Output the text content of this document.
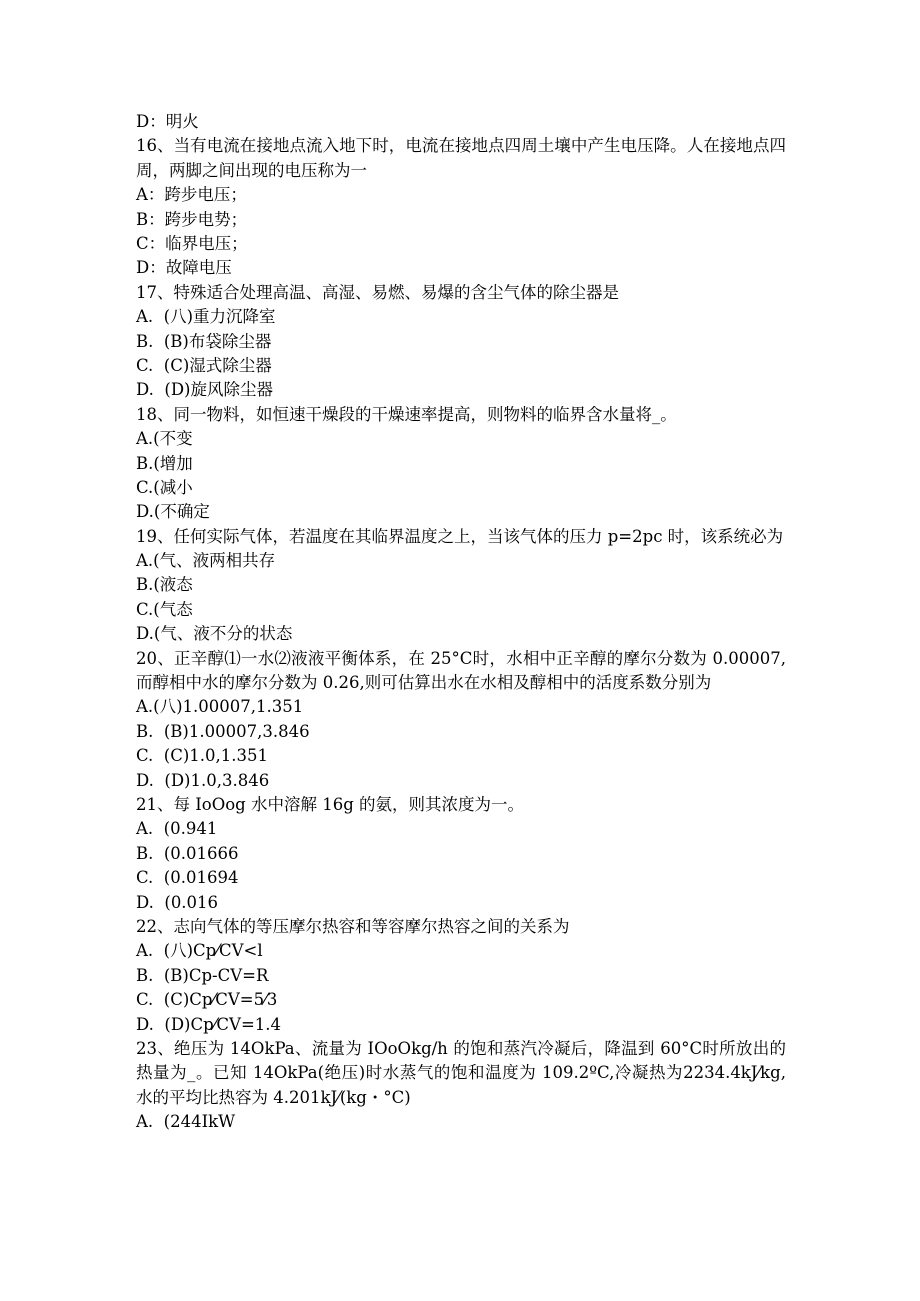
D：明火
16、当有电流在接地点流入地下时，电流在接地点四周土壤中产生电压降。人在接地点四周，两脚之间出现的电压称为一
A：跨步电压；
B：跨步电势；
C：临界电压；
D：故障电压
17、特殊适合处理高温、高湿、易燃、易爆的含尘气体的除尘器是
A.  (八)重力沉降室
B.  (B)布袋除尘器
C.  (C)湿式除尘器
D.  (D)旋风除尘器
18、同一物料，如恒速干燥段的干燥速率提高，则物料的临界含水量将_。
A.(不变
B.(增加
C.(减小
D.(不确定
19、任何实际气体，若温度在其临界温度之上，当该气体的压力 p=2pc 时，该系统必为
A.(气、液两相共存
B.(液态
C.(气态
D.(气、液不分的状态
20、正辛醇⑴一水⑵液液平衡体系，在 25°C时，水相中正辛醇的摩尔分数为 0.00007,而醇相中水的摩尔分数为 0.26,则可估算出水在水相及醇相中的活度系数分别为
A.(八)1.00007,1.351
B.  (B)1.00007,3.846
C.  (C)1.0,1.351
D.  (D)1.0,3.846
21、每 IoOog 水中溶解 16g 的氨，则其浓度为一。
A.  (0.941
B.  (0.01666
C.  (0.01694
D.  (0.016
22、志向气体的等压摩尔热容和等容摩尔热容之间的关系为
A.  (八)Cp⁄CV<l
B.  (B)Cp-CV=R
C.  (C)Cp⁄CV=5⁄3
D.  (D)Cp⁄CV=1.4
23、绝压为 14OkPa、流量为 IOoOkg/h 的饱和蒸汽冷凝后，降温到 60°C时所放出的热量为_。已知 14OkPa(绝压)时水蒸气的饱和温度为 109.2ºC,冷凝热为2234.4kJ⁄kg,水的平均比热容为 4.201kJ⁄(kg・°C)
A.  (244IkW
